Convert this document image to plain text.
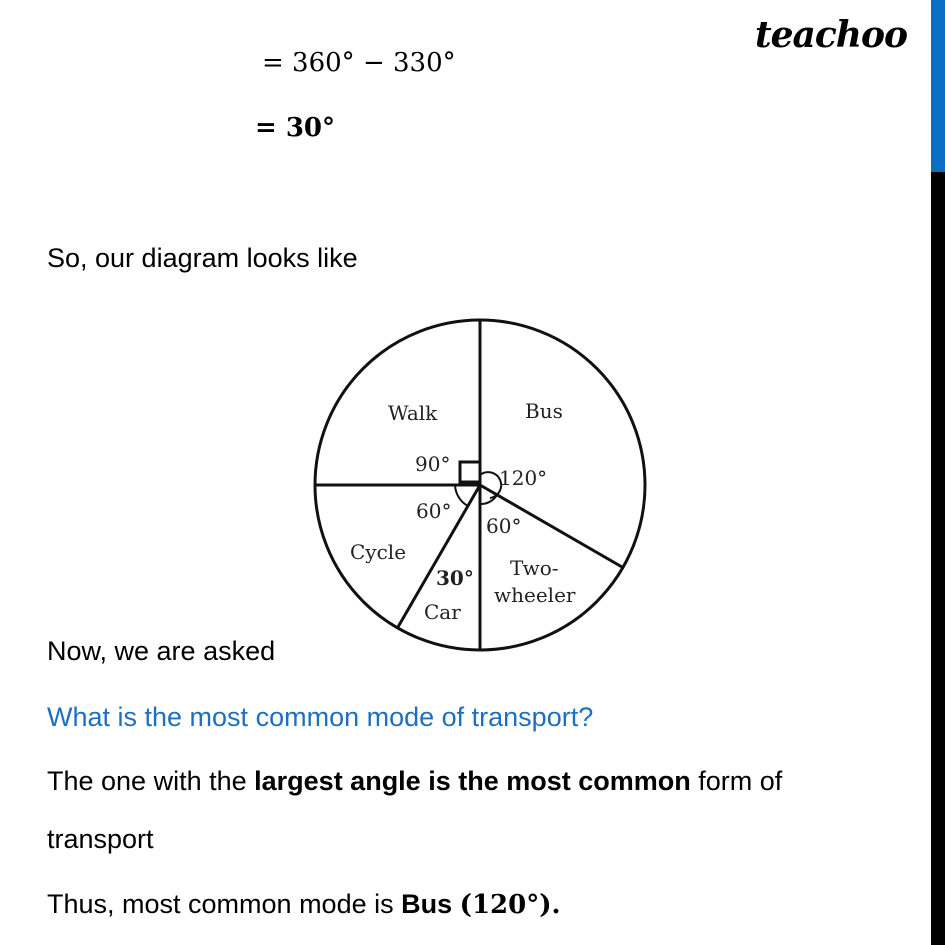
teachoo
= 360° − 330°
= 30°
So, our diagram looks like
Walk	Bus
Cycle
Car
Two-
wheeler
90°
120°
60°
60°
30°
Now, we are asked
What is the most common mode of transport?
The one with the largest angle is the most common form of
transport
Thus, most common mode is Bus (120°).
